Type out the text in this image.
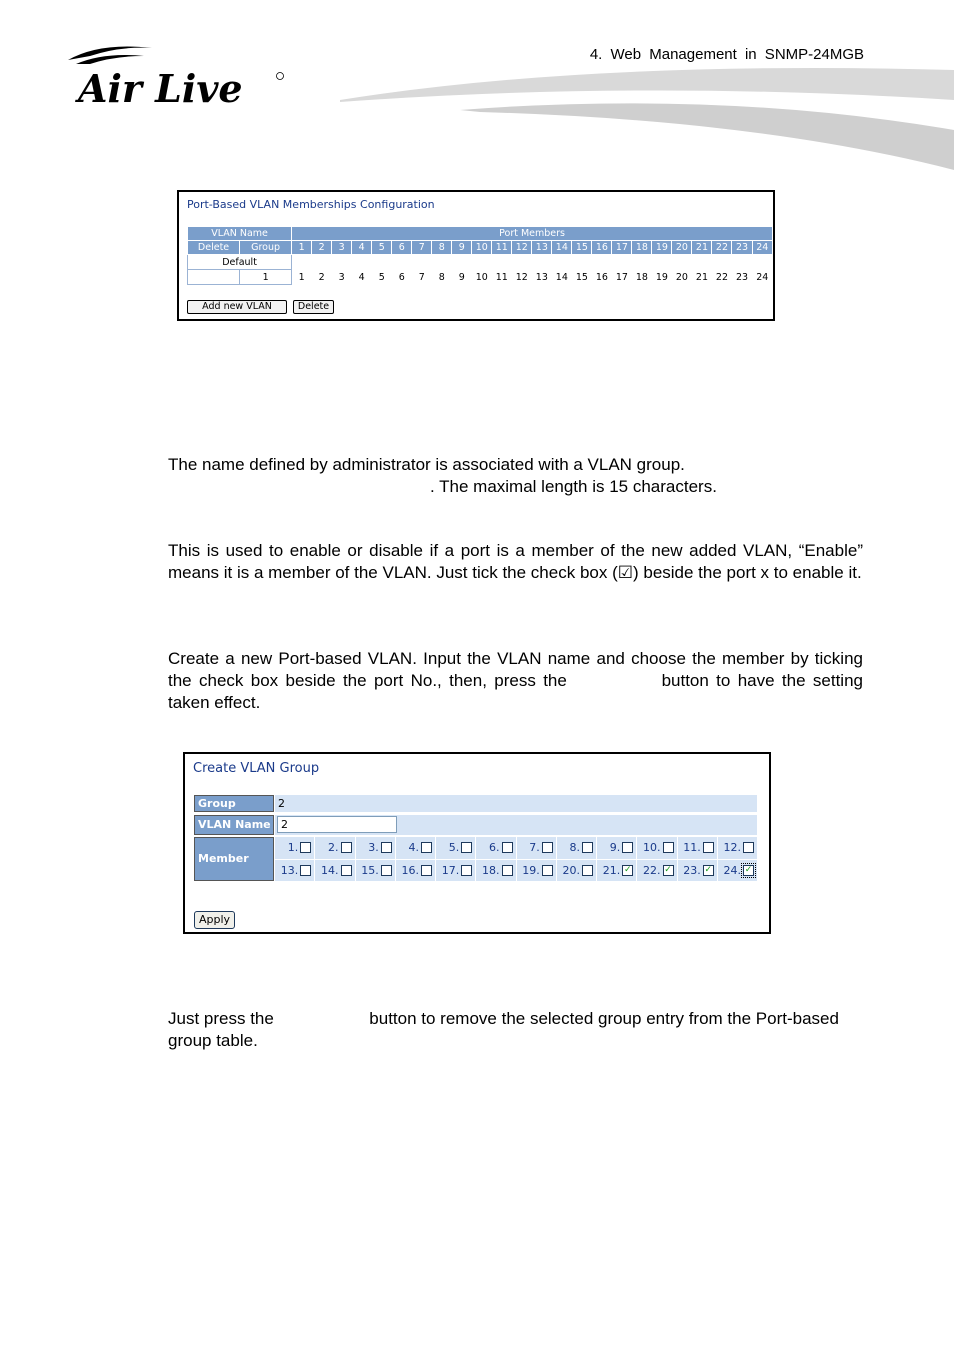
4. Web Management in SNMP-24MGB
Air Live
Port-Based VLAN Memberships Configuration
VLAN Name		Port Members																							
Delete	Group	1	2	3	4	5	6	7	8	9	10	11	12	13	14	15	16	17	18	19	20	21	22	23	24
Default																									
	1	1	2	3	4	5	6	7	8	9	10	11	12	13	14	15	16	17	18	19	20	21	22	23	24
Add new VLAN	Delete
The name defined by administrator is associated with a VLAN group.
. The maximal length is 15 characters.
This is used to enable or disable if a port is a member of the new added VLAN, “Enable” means it is a member of the VLAN. Just tick the check box (☑) beside the port x to enable it.
Create a new Port-based VLAN. Input the VLAN name and choose the member by ticking the check box beside the port No., then, press the	button to have the setting taken effect.
Create VLAN Group
Group	2
VLAN Name 2
Member Port
1.	2.	3.	4.	5.	6.	7.	8.	9. 10. 11. 12.
13. 14. 15. 16. 17. 18. 19. 20. 21. ✓ 22. ✓ 23. ✓ 24. ✓
Apply
Just press the	button to remove the selected group entry from the Port-based group table.
